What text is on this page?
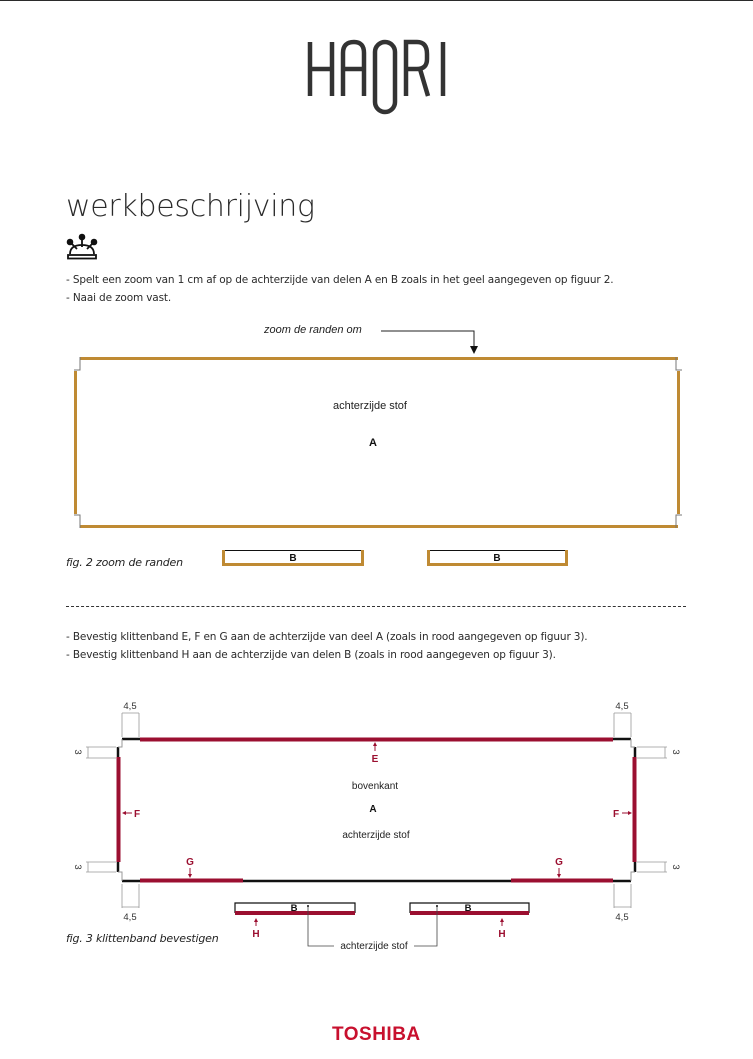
HAORI
werkbeschrijving
- Spelt een zoom van 1 cm af op de achterzijde van delen A en B zoals in het geel aangegeven op figuur 2.
- Naai de zoom vast.
zoom de randen om
achterzijde stof
A
B	B
fig. 2 zoom de randen
- Bevestig klittenband E, F en G aan de achterzijde van deel A (zoals in rood aangegeven op figuur 3).
- Bevestig klittenband H aan de achterzijde van delen B (zoals in rood aangegeven op figuur 3).
E
F	F
G	G
bovenkant
A
achterzijde stof
4,5	4,5
4,5	4,5
3
3
3
3
B	B
H	H
achterzijde stof
fig. 3 klittenband bevestigen
TOSHIBA
